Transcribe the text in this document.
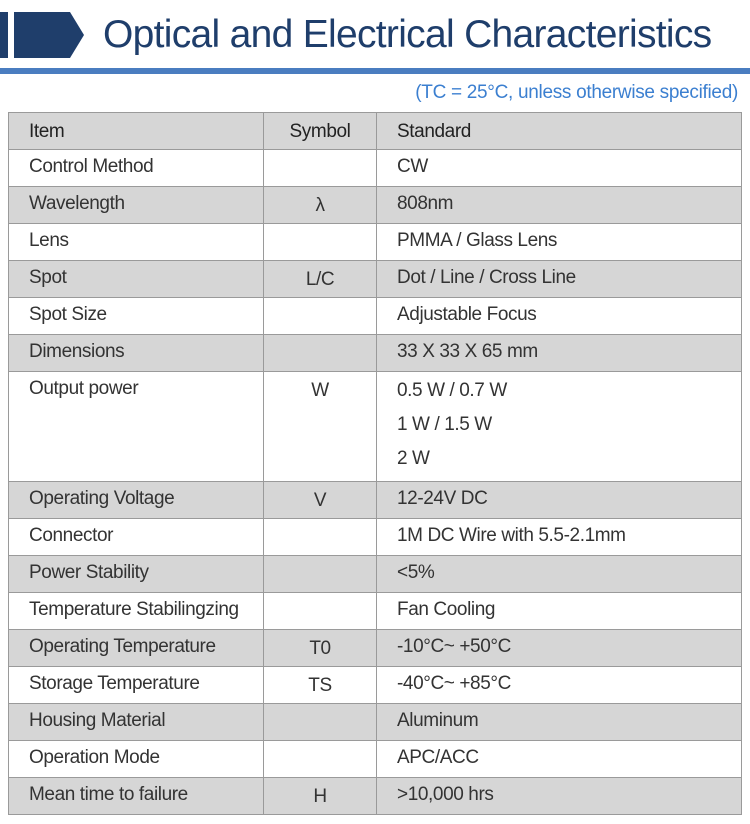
Optical and Electrical Characteristics
(TC = 25°C, unless otherwise specified)
Item	Symbol	Standard
Control Method		CW
Wavelength	λ	808nm
Lens		PMMA / Glass Lens
Spot	L/C	Dot / Line / Cross Line
Spot Size		Adjustable Focus
Dimensions		33 X 33 X 65 mm
Output power	W	0.5 W / 0.7 W
1 W / 1.5 W
2 W

Operating Voltage	V	12-24V DC
Connector		1M DC Wire with 5.5-2.1mm
Power Stability		<5%
Temperature Stabilingzing		Fan Cooling
Operating Temperature	T0	-10°C~ +50°C
Storage Temperature	TS	-40°C~ +85°C
Housing Material		Aluminum
Operation Mode		APC/ACC
Mean time to failure	H	>10,000 hrs
